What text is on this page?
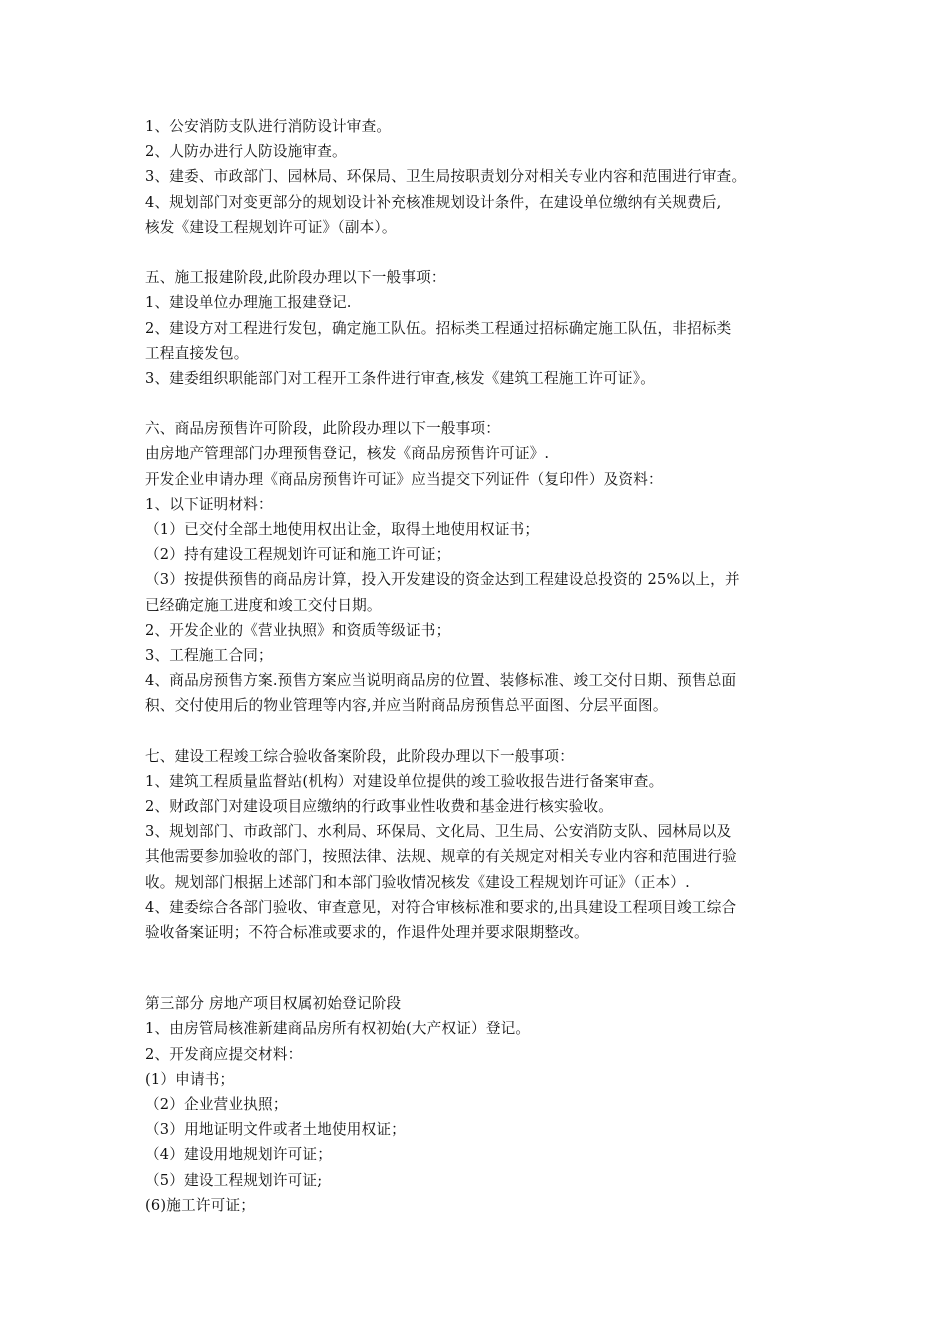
1、公安消防支队进行消防设计审查。
2、人防办进行人防设施审查。
3、建委、市政部门、园林局、环保局、卫生局按职责划分对相关专业内容和范围进行审查。
4、规划部门对变更部分的规划设计补充核准规划设计条件，在建设单位缴纳有关规费后,
核发《建设工程规划许可证》（副本）。
五、施工报建阶段,此阶段办理以下一般事项：
1、建设单位办理施工报建登记.
2、建设方对工程进行发包，确定施工队伍。招标类工程通过招标确定施工队伍，非招标类
工程直接发包。
3、建委组织职能部门对工程开工条件进行审查,核发《建筑工程施工许可证》。
六、商品房预售许可阶段，此阶段办理以下一般事项：
由房地产管理部门办理预售登记，核发《商品房预售许可证》.
开发企业申请办理《商品房预售许可证》应当提交下列证件（复印件）及资料：
1、以下证明材料：
（1）已交付全部土地使用权出让金，取得土地使用权证书；
（2）持有建设工程规划许可证和施工许可证；
（3）按提供预售的商品房计算，投入开发建设的资金达到工程建设总投资的 25%以上，并
已经确定施工进度和竣工交付日期。
2、开发企业的《营业执照》和资质等级证书；
3、工程施工合同；
4、商品房预售方案.预售方案应当说明商品房的位置、装修标准、竣工交付日期、预售总面
积、交付使用后的物业管理等内容,并应当附商品房预售总平面图、分层平面图。
七、建设工程竣工综合验收备案阶段，此阶段办理以下一般事项：
1、建筑工程质量监督站(机构）对建设单位提供的竣工验收报告进行备案审查。
2、财政部门对建设项目应缴纳的行政事业性收费和基金进行核实验收。
3、规划部门、市政部门、水利局、环保局、文化局、卫生局、公安消防支队、园林局以及
其他需要参加验收的部门，按照法律、法规、规章的有关规定对相关专业内容和范围进行验
收。规划部门根据上述部门和本部门验收情况核发《建设工程规划许可证》（正本）.
4、建委综合各部门验收、审查意见，对符合审核标准和要求的,出具建设工程项目竣工综合
验收备案证明；不符合标准或要求的，作退件处理并要求限期整改。
第三部分 房地产项目权属初始登记阶段
1、由房管局核准新建商品房所有权初始(大产权证）登记。
2、开发商应提交材料：
(1）申请书；
（2）企业营业执照；
（3）用地证明文件或者土地使用权证；
（4）建设用地规划许可证；
（5）建设工程规划许可证;
(6)施工许可证；
